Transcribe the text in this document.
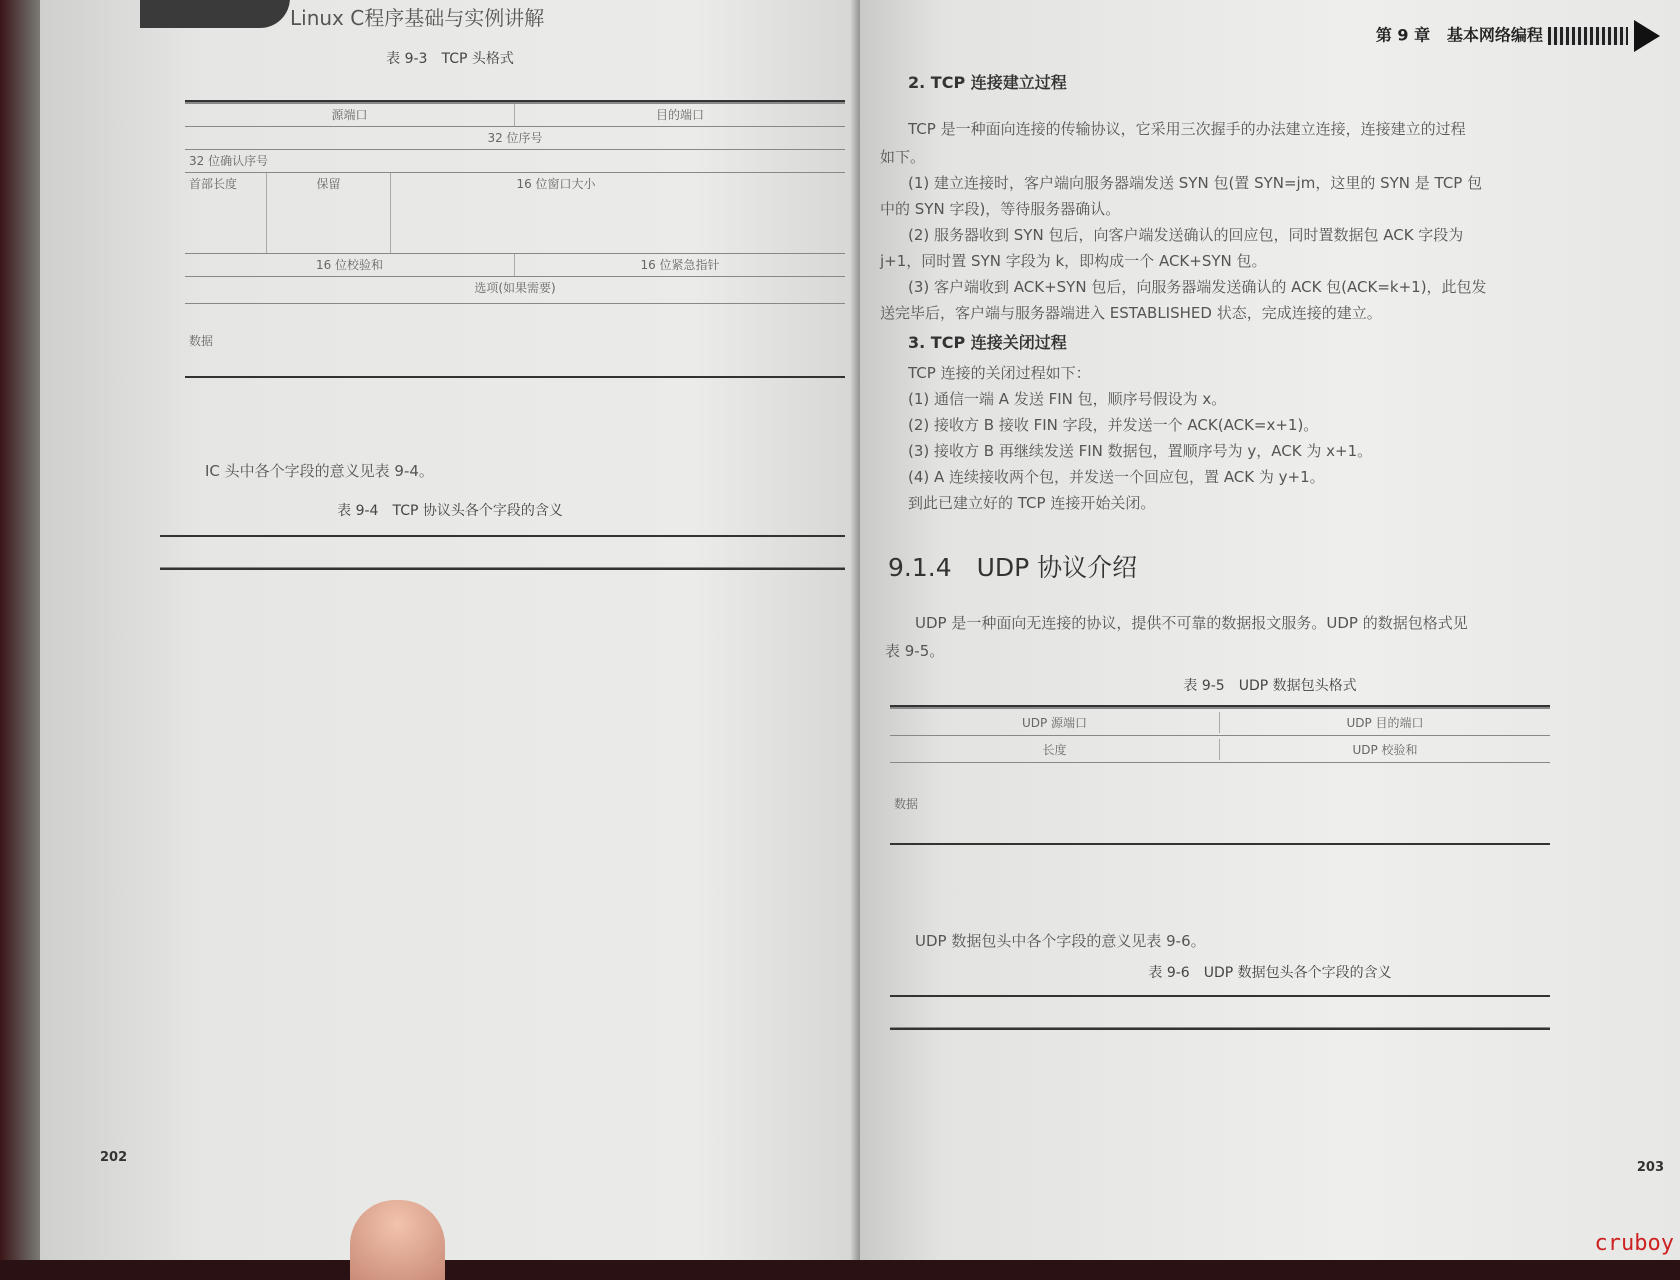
Linux C程序基础与实例讲解
表 9-3　TCP 头格式
源端口	目的端口
32 位序号
32 位确认序号
首部长度	保留	16 位窗口大小
16 位校验和	16 位紧急指针
选项(如果需要)
数据
IC 头中各个字段的意义见表 9-4。
表 9-4　TCP 协议头各个字段的含义
202
第 9 章 基本网络编程
2. TCP 连接建立过程
TCP 是一种面向连接的传输协议，它采用三次握手的办法建立连接，连接建立的过程
如下。
(1) 建立连接时，客户端向服务器端发送 SYN 包(置 SYN=jm，这里的 SYN 是 TCP 包
中的 SYN 字段)，等待服务器确认。
(2) 服务器收到 SYN 包后，向客户端发送确认的回应包，同时置数据包 ACK 字段为
j+1，同时置 SYN 字段为 k，即构成一个 ACK+SYN 包。
(3) 客户端收到 ACK+SYN 包后，向服务器端发送确认的 ACK 包(ACK=k+1)，此包发
送完毕后，客户端与服务器端进入 ESTABLISHED 状态，完成连接的建立。
3. TCP 连接关闭过程
TCP 连接的关闭过程如下：
(1) 通信一端 A 发送 FIN 包，顺序号假设为 x。
(2) 接收方 B 接收 FIN 字段，并发送一个 ACK(ACK=x+1)。
(3) 接收方 B 再继续发送 FIN 数据包，置顺序号为 y，ACK 为 x+1。
(4) A 连续接收两个包，并发送一个回应包，置 ACK 为 y+1。
到此已建立好的 TCP 连接开始关闭。
9.1.4　UDP 协议介绍
UDP 是一种面向无连接的协议，提供不可靠的数据报文服务。UDP 的数据包格式见
表 9-5。
表 9-5　UDP 数据包头格式
UDP 源端口	UDP 目的端口
长度	UDP 校验和
数据
UDP 数据包头中各个字段的意义见表 9-6。
表 9-6　UDP 数据包头各个字段的含义
203
cruboy
